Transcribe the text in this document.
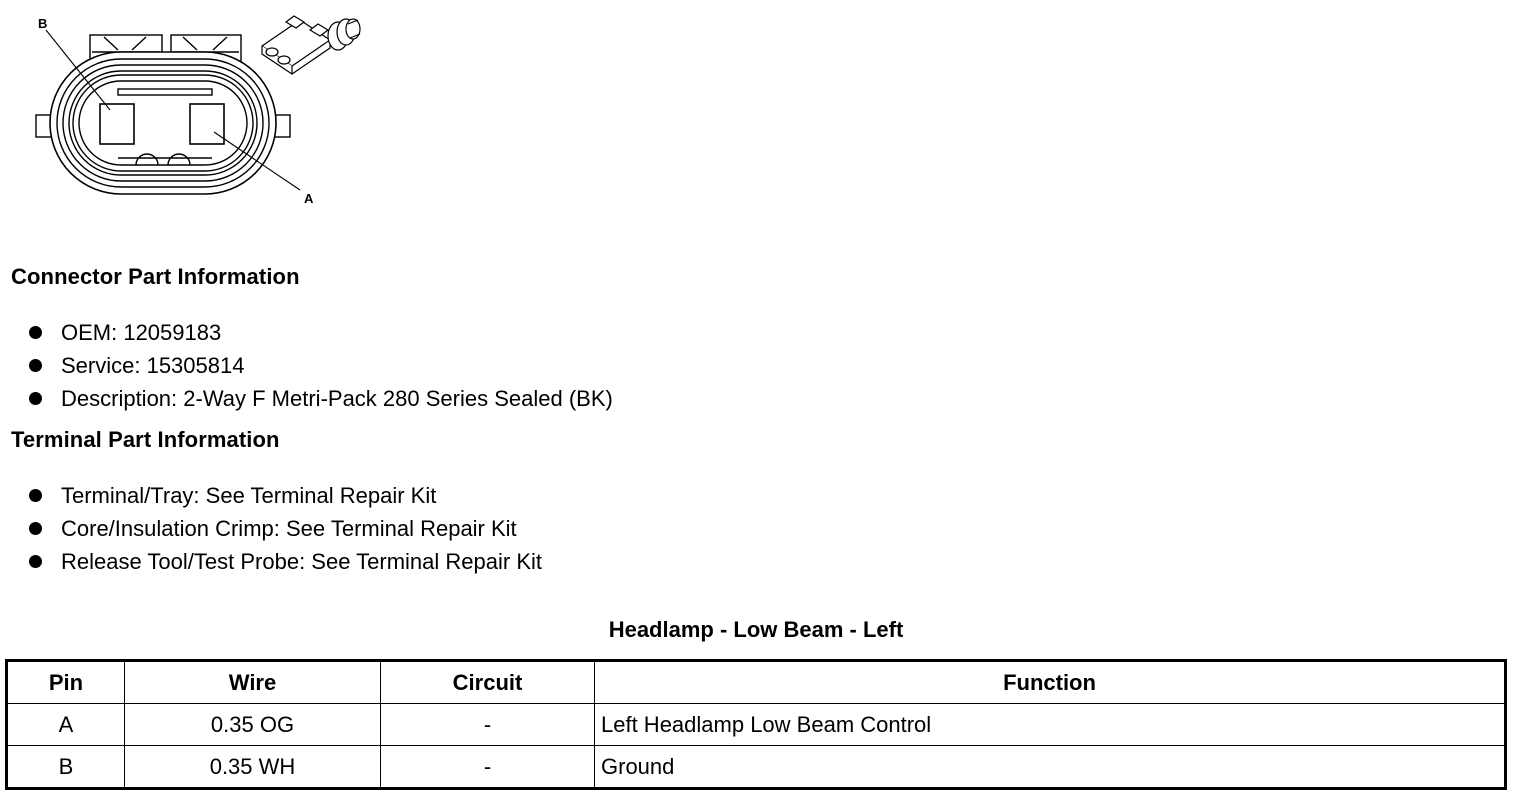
B
A
Connector Part Information
OEM: 12059183
Service: 15305814
Description: 2-Way F Metri-Pack 280 Series Sealed (BK)
Terminal Part Information
Terminal/Tray: See Terminal Repair Kit
Core/Insulation Crimp: See Terminal Repair Kit
Release Tool/Test Probe: See Terminal Repair Kit
Headlamp - Low Beam - Left
Pin	Wire	Circuit	Function
A	0.35 OG	-	Left Headlamp Low Beam Control
B	0.35 WH	-	Ground
